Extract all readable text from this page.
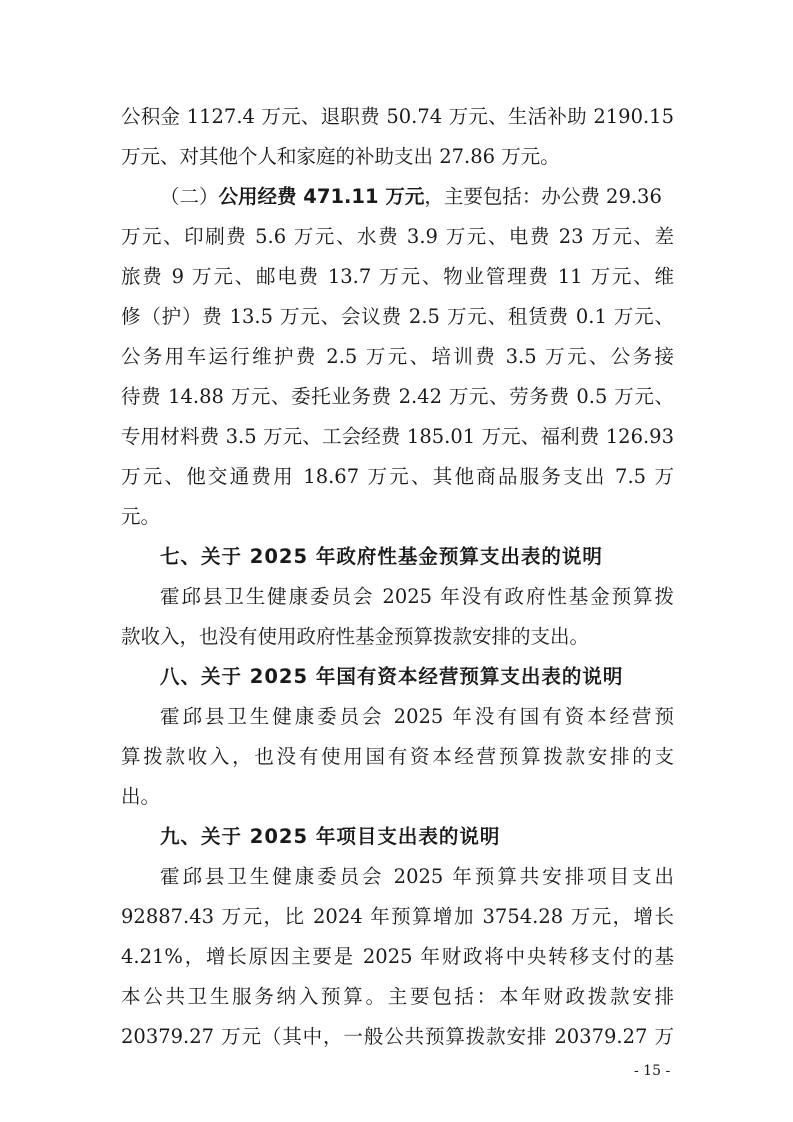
公积金 1127.4 万元、退职费 50.74 万元、生活补助 2190.15
万元、对其他个人和家庭的补助支出 27.86 万元。
（二）公用经费 471.11 万元，主要包括：办公费 29.36
万元、印刷费 5.6 万元、水费 3.9 万元、电费 23 万元、差
旅费 9 万元、邮电费 13.7 万元、物业管理费 11 万元、维
修（护）费 13.5 万元、会议费 2.5 万元、租赁费 0.1 万元、
公务用车运行维护费 2.5 万元、培训费 3.5 万元、公务接
待费 14.88 万元、委托业务费 2.42 万元、劳务费 0.5 万元、
专用材料费 3.5 万元、工会经费 185.01 万元、福利费 126.93
万元、他交通费用 18.67 万元、其他商品服务支出 7.5 万
元。
七、关于 2025 年政府性基金预算支出表的说明
霍邱县卫生健康委员会 2025 年没有政府性基金预算拨
款收入，也没有使用政府性基金预算拨款安排的支出。
八、关于 2025 年国有资本经营预算支出表的说明
霍邱县卫生健康委员会 2025 年没有国有资本经营预
算拨款收入，也没有使用国有资本经营预算拨款安排的支
出。
九、关于 2025 年项目支出表的说明
霍邱县卫生健康委员会 2025 年预算共安排项目支出
92887.43 万元，比 2024 年预算增加 3754.28 万元，增长
4.21%，增长原因主要是 2025 年财政将中央转移支付的基
本公共卫生服务纳入预算。主要包括：本年财政拨款安排
20379.27 万元（其中，一般公共预算拨款安排 20379.27 万
- 15 -
